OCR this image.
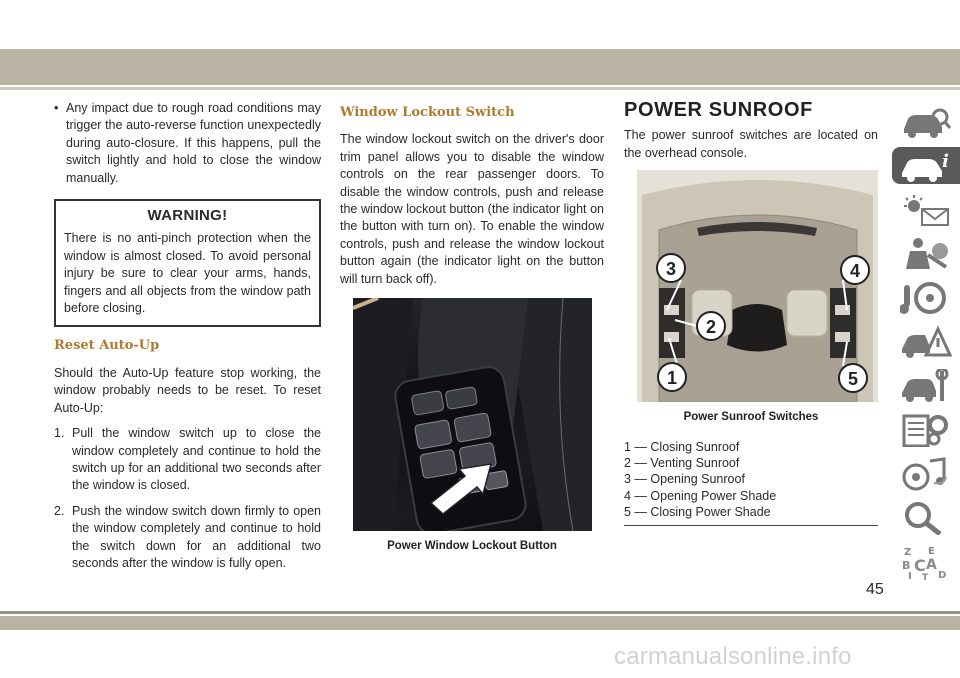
• Any impact due to rough road conditions may trigger the auto-reverse function unexpectedly during auto-closure. If this happens, pull the switch lightly and hold to close the window manually.

WARNING!

There is no anti-pinch protection when the window is almost closed. To avoid personal injury be sure to clear your arms, hands, fingers and all objects from the window path before closing.

Reset Auto-Up

Should the Auto-Up feature stop working, the window probably needs to be reset. To reset Auto-Up:

1. Pull the window switch up to close the window completely and continue to hold the switch up for an additional two seconds after the window is closed.
2. Push the window switch down firmly to open the window completely and continue to hold the switch down for an additional two seconds after the window is fully open.
Window Lockout Switch

The window lockout switch on the driver's door trim panel allows you to disable the window controls on the rear passenger doors. To disable the window controls, push and release the window lockout button (the indicator light on the button with turn on). To enable the window controls, push and release the window lockout button again (the indicator light on the button will turn back off).

Power Window Lockout Button
POWER SUNROOF

The power sunroof switches are located on the overhead console.

3
2
1
4
5
Power Sunroof Switches
1 — Closing Sunroof
2 — Venting Sunroof
3 — Opening Sunroof
4 — Opening Power Shade
5 — Closing Power Shade
i
Z E
B A
I
C
D
T
45
carmanualsonline.info
